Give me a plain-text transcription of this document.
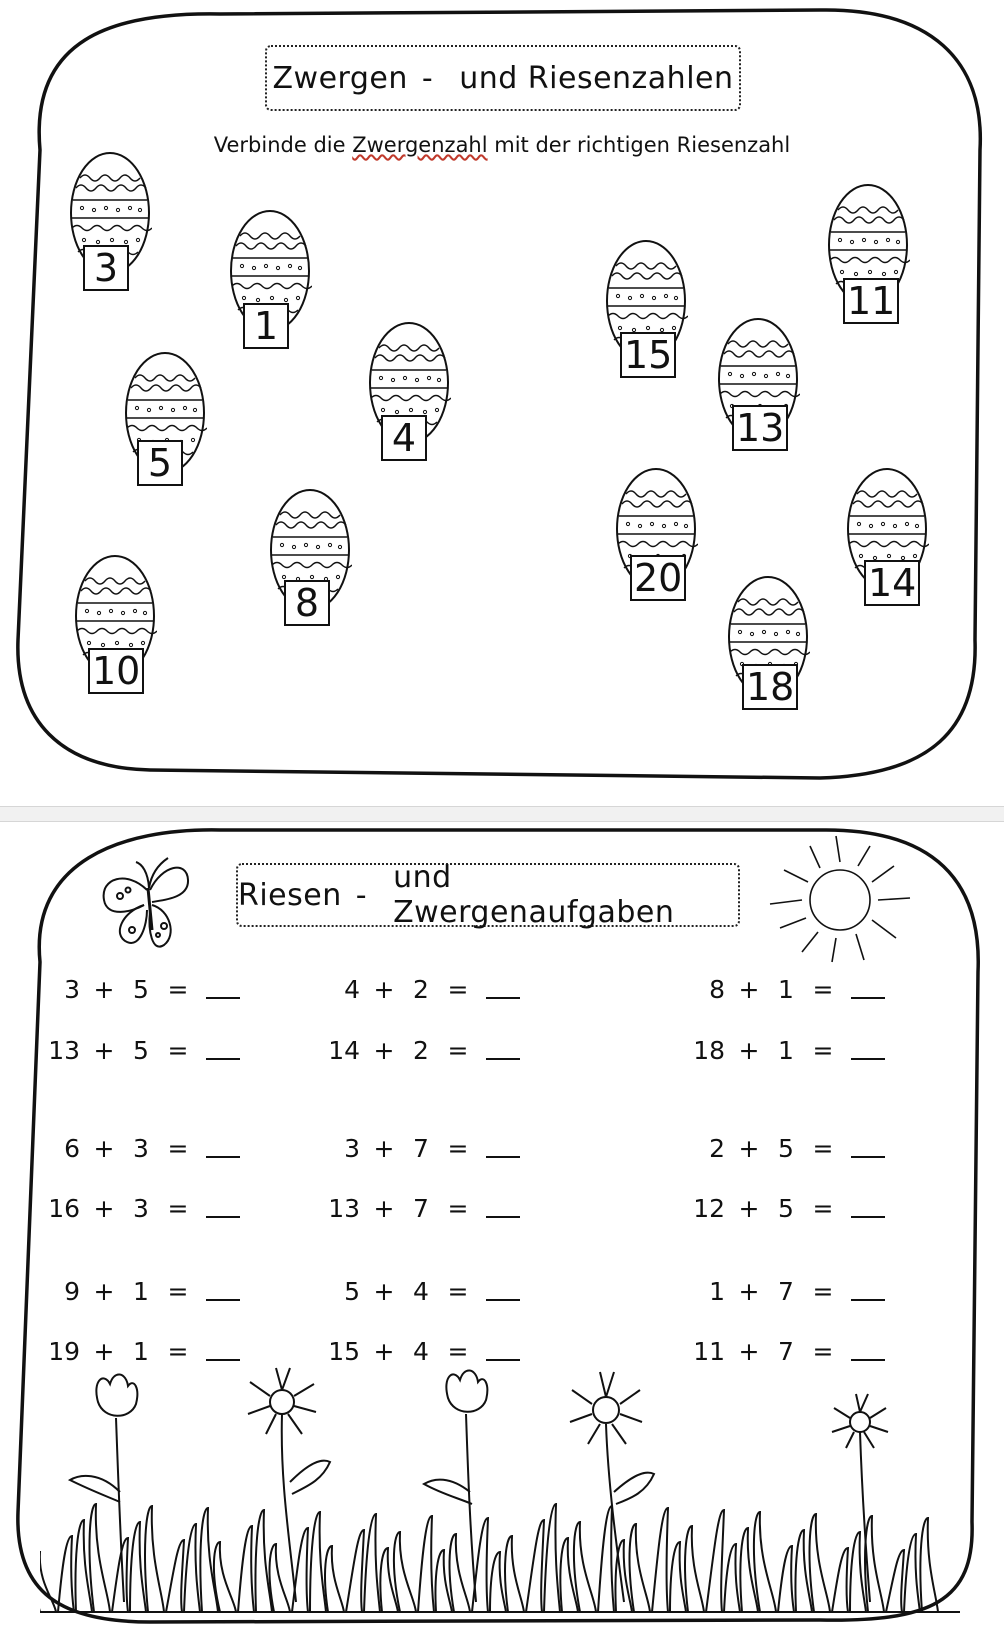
Zwergen - und Riesenzahlen
Verbinde die Zwergenzahl mit der richtigen Riesenzahl
3
1
5
4
8
10
15
11
13
20	14
18
Riesen - und Zwergenaufgaben
3 + 5 =	4 + 2 =	8 + 1 =
13 + 5 =	14 + 2 =	18 + 1 =
6 + 3 =	3 + 7 =	2 + 5 =
16 + 3 =	13 + 7 =	12 + 5 =
9 + 1 =	5 + 4 =	1 + 7 =
19 + 1 =	15 + 4 =	11 + 7 =
